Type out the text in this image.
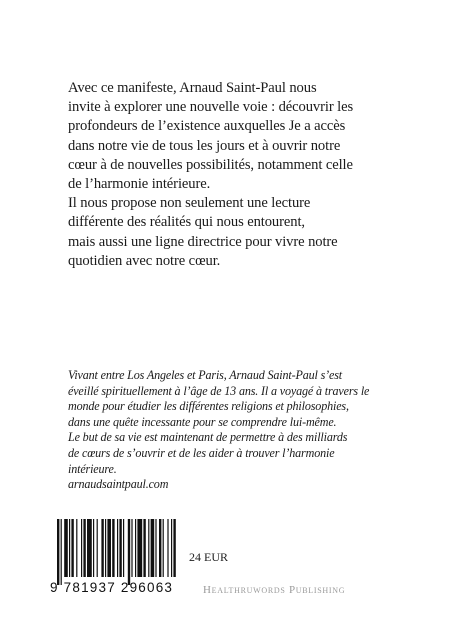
Avec ce manifeste, Arnaud Saint-Paul nous

invite à explorer une nouvelle voie : découvrir les

profondeurs de l’existence auxquelles Je a accès

dans notre vie de tous les jours et à ouvrir notre

cœur à de nouvelles possibilités, notamment celle

de l’harmonie intérieure.

Il nous propose non seulement une lecture

différente des réalités qui nous entourent,

mais aussi une ligne directrice pour vivre notre

quotidien avec notre cœur.

Vivant entre Los Angeles et Paris, Arnaud Saint-Paul s’est

éveillé spirituellement à l’âge de 13 ans. Il a voyagé à travers le

monde pour étudier les différentes religions et philosophies,

dans une quête incessante pour se comprendre lui-même.

Le but de sa vie est maintenant de permettre à des milliards

de cœurs de s’ouvrir et de les aider à trouver l’harmonie

intérieure.

arnaudsaintpaul.com

9 781937 296063
24 EUR
Healthruwords Publishing
